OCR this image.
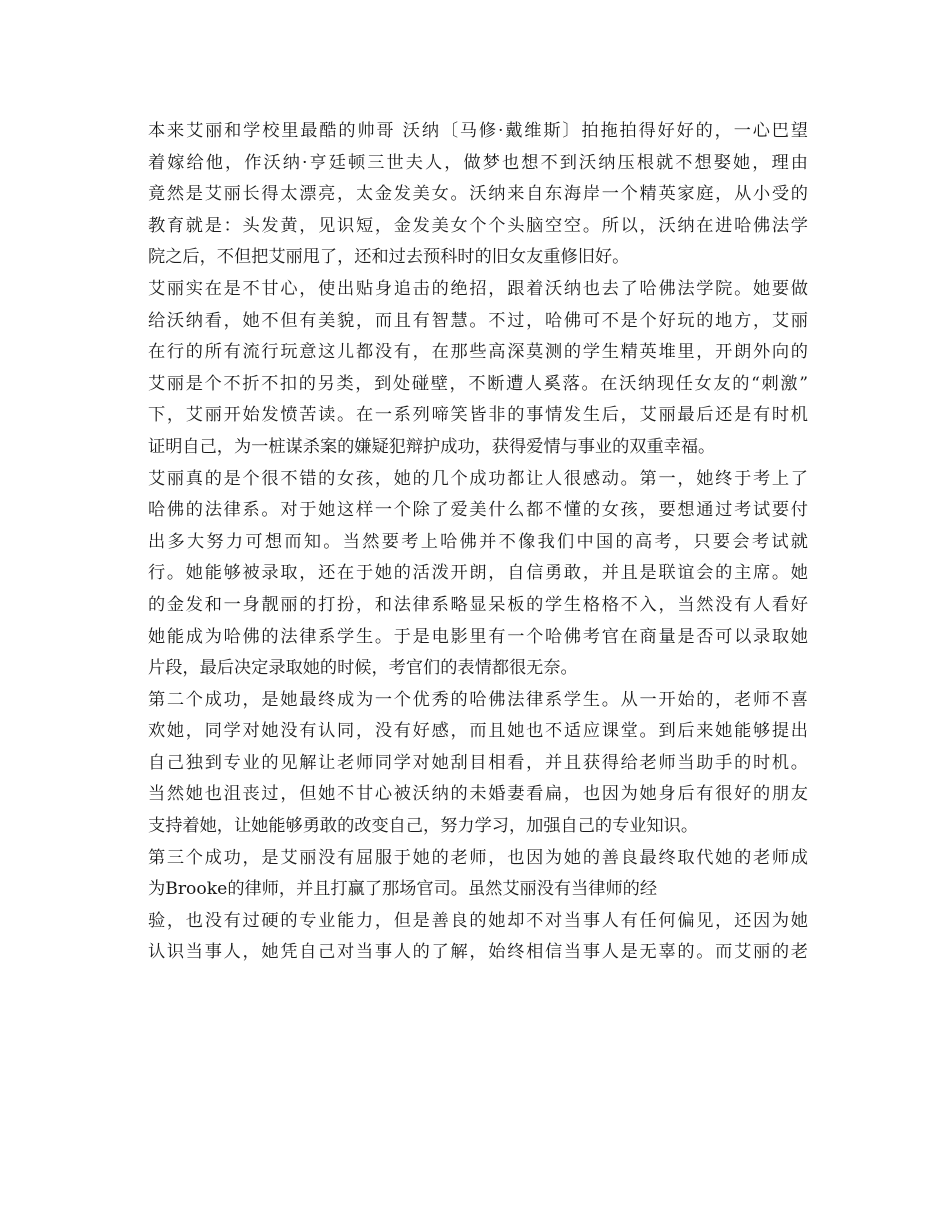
本来艾丽和学校里最酷的帅哥 沃纳〔马修·戴维斯〕拍拖拍得好好的，一心巴望
着嫁给他，作沃纳·亨廷顿三世夫人，做梦也想不到沃纳压根就不想娶她，理由
竟然是艾丽长得太漂亮，太金发美女。沃纳来自东海岸一个精英家庭，从小受的
教育就是：头发黄，见识短，金发美女个个头脑空空。所以，沃纳在进哈佛法学
院之后，不但把艾丽甩了，还和过去预科时的旧女友重修旧好。
艾丽实在是不甘心，使出贴身追击的绝招，跟着沃纳也去了哈佛法学院。她要做
给沃纳看，她不但有美貌，而且有智慧。不过，哈佛可不是个好玩的地方，艾丽
在行的所有流行玩意这儿都没有，在那些高深莫测的学生精英堆里，开朗外向的
艾丽是个不折不扣的另类，到处碰壁，不断遭人奚落。在沃纳现任女友的“刺激”
下，艾丽开始发愤苦读。在一系列啼笑皆非的事情发生后，艾丽最后还是有时机
证明自己，为一桩谋杀案的嫌疑犯辩护成功，获得爱情与事业的双重幸福。
艾丽真的是个很不错的女孩，她的几个成功都让人很感动。第一，她终于考上了
哈佛的法律系。对于她这样一个除了爱美什么都不懂的女孩，要想通过考试要付
出多大努力可想而知。当然要考上哈佛并不像我们中国的高考，只要会考试就
行。她能够被录取，还在于她的活泼开朗，自信勇敢，并且是联谊会的主席。她
的金发和一身靓丽的打扮，和法律系略显呆板的学生格格不入，当然没有人看好
她能成为哈佛的法律系学生。于是电影里有一个哈佛考官在商量是否可以录取她
片段，最后决定录取她的时候，考官们的表情都很无奈。
第二个成功，是她最终成为一个优秀的哈佛法律系学生。从一开始的，老师不喜
欢她，同学对她没有认同，没有好感，而且她也不适应课堂。到后来她能够提出
自己独到专业的见解让老师同学对她刮目相看，并且获得给老师当助手的时机。
当然她也沮丧过，但她不甘心被沃纳的未婚妻看扁，也因为她身后有很好的朋友
支持着她，让她能够勇敢的改变自己，努力学习，加强自己的专业知识。
第三个成功，是艾丽没有屈服于她的老师，也因为她的善良最终取代她的老师成
为Brooke的律师，并且打赢了那场官司。虽然艾丽没有当律师的经
验，也没有过硬的专业能力，但是善良的她却不对当事人有任何偏见，还因为她
认识当事人，她凭自己对当事人的了解，始终相信当事人是无辜的。而艾丽的老
